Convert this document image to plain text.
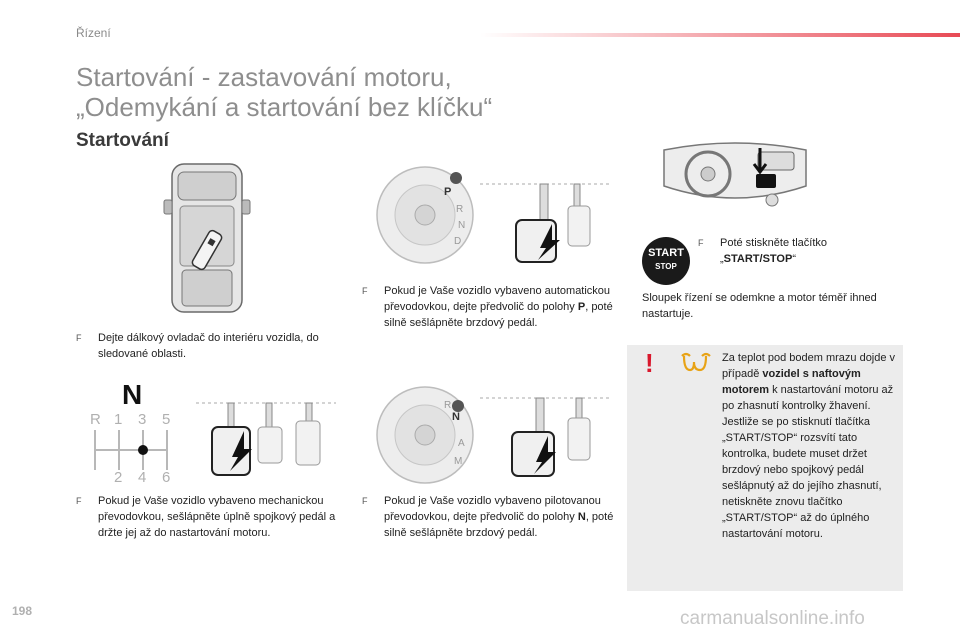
Řízení
Startování - zastavování motoru,
„Odemykání a startování bez klíčku“
Startování
P
R
N
D
START
STOP
F	Poté stiskněte tlačítko „START/STOP“
Sloupek řízení se odemkne a motor téměř ihned nastartuje.
F	Dejte dálkový ovladač do interiéru vozidla, do sledované oblasti.
F	Pokud je Vaše vozidlo vybaveno automatickou převodovkou, dejte předvolič do polohy P, poté silně sešlápněte brzdový pedál.
N
R 1 3 5
2 4 6
R
N
A
M
F	Pokud je Vaše vozidlo vybaveno mechanickou převodovkou, sešlápněte úplně spojkový pedál a držte jej až do nastartování motoru.
F	Pokud je Vaše vozidlo vybaveno pilotovanou převodovkou, dejte předvolič do polohy N, poté silně sešlápněte brzdový pedál.
!	Za teplot pod bodem mrazu dojde v případě vozidel s naftovým motorem k nastartování motoru až po zhasnutí kontrolky žhavení. Jestliže se po stisknutí tlačítka „START/STOP“ rozsvítí tato kontrolka, budete muset držet brzdový nebo spojkový pedál sešlápnutý až do jejího zhasnutí, netiskněte znovu tlačítko „START/STOP“ až do úplného nastartování motoru.
198	carmanualsonline.info
